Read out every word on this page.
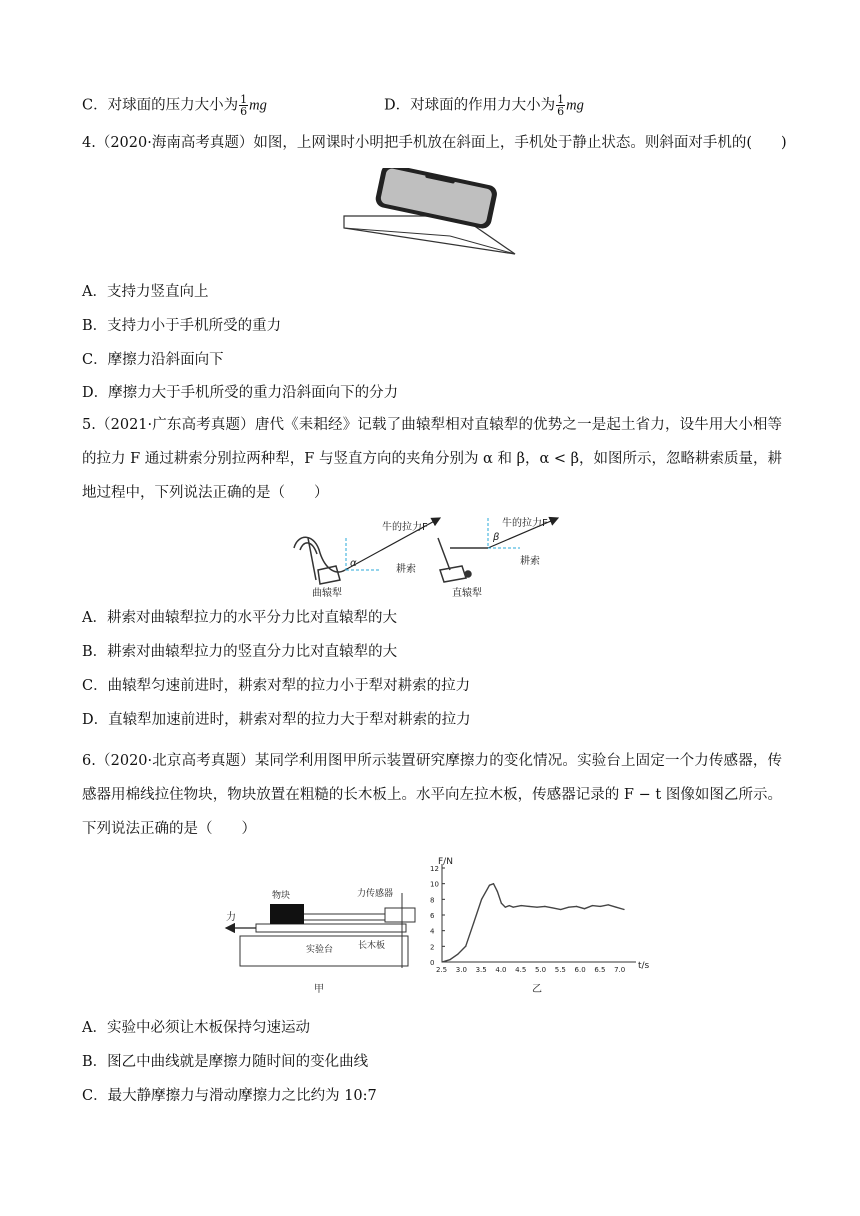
C．对球面的压力大小为 $\frac{1}{6}$ mg	D．对球面的作用力大小为 $\frac{1}{6}$ mg
4.（2020·海南高考真题）如图，上网课时小明把手机放在斜面上，手机处于静止状态。则斜面对手机的(　　)
A．支持力竖直向上
B．支持力小于手机所受的重力
C．摩擦力沿斜面向下
D．摩擦力大于手机所受的重力沿斜面向下的分力
5.（2021·广东高考真题）唐代《耒耜经》记载了曲辕犁相对直辕犁的优势之一是起土省力，设牛用大小相等的拉力 F 通过耕索分别拉两种犁，F 与竖直方向的夹角分别为 α 和 β，α < β，如图所示，忽略耕索质量，耕地过程中，下列说法正确的是（　　）
牛的拉力F
α
耕索
曲辕犁
牛的拉力F
β
耕索
直辕犁
A．耕索对曲辕犁拉力的水平分力比对直辕犁的大
B．耕索对曲辕犁拉力的竖直分力比对直辕犁的大
C．曲辕犁匀速前进时，耕索对犁的拉力小于犁对耕索的拉力
D．直辕犁加速前进时，耕索对犁的拉力大于犁对耕索的拉力
6.（2020·北京高考真题）某同学利用图甲所示装置研究摩擦力的变化情况。实验台上固定一个力传感器，传感器用棉线拉住物块，物块放置在粗糙的长木板上。水平向左拉木板，传感器记录的 F − t 图像如图乙所示。下列说法正确的是（　　）
物块	力传感器
力
长木板
实验台
甲
2.5 3.0 3.5 4.0 4.5 5.0 5.5 6.0 6.5 7.0
0
2
4
6
8
10
12
F/N
t/s
乙
A．实验中必须让木板保持匀速运动
B．图乙中曲线就是摩擦力随时间的变化曲线
C．最大静摩擦力与滑动摩擦力之比约为 10:7
